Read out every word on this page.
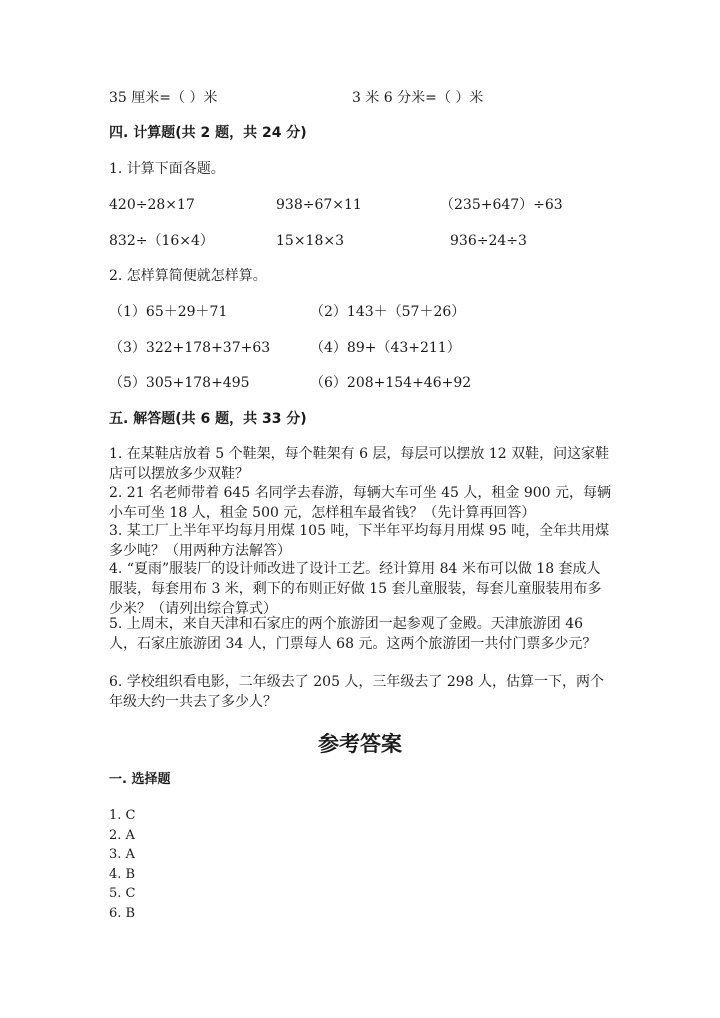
35 厘米=（ ）米	3 米 6 分米=（ ）米
四. 计算题(共 2 题，共 24 分)
1. 计算下面各题。
420÷28×17	938÷67×11	（235+647）÷63
832÷（16×4）	15×18×3	936÷24÷3
2. 怎样算简便就怎样算。
（1）65＋29＋71	（2）143＋（57＋26）
（3）322+178+37+63	（4）89+（43+211）
（5）305+178+495	（6）208+154+46+92
五. 解答题(共 6 题，共 33 分)
1. 在某鞋店放着 5 个鞋架，每个鞋架有 6 层，每层可以摆放 12 双鞋，问这家鞋店可以摆放多少双鞋？
2. 21 名老师带着 645 名同学去春游，每辆大车可坐 45 人，租金 900 元，每辆小车可坐 18 人，租金 500 元，怎样租车最省钱？（先计算再回答）
3. 某工厂上半年平均每月用煤 105 吨，下半年平均每月用煤 95 吨，全年共用煤多少吨？（用两种方法解答）
4. “夏雨”服装厂的设计师改进了设计工艺。经计算用 84 米布可以做 18 套成人服装，每套用布 3 米，剩下的布则正好做 15 套儿童服装，每套儿童服装用布多少米？（请列出综合算式）
5. 上周末，来自天津和石家庄的两个旅游团一起参观了金殿。天津旅游团 46 人，石家庄旅游团 34 人，门票每人 68 元。这两个旅游团一共付门票多少元？
6. 学校组织看电影，二年级去了 205 人，三年级去了 298 人，估算一下，两个年级大约一共去了多少人？
参考答案
一. 选择题
1. C
2. A
3. A
4. B
5. C
6. B
